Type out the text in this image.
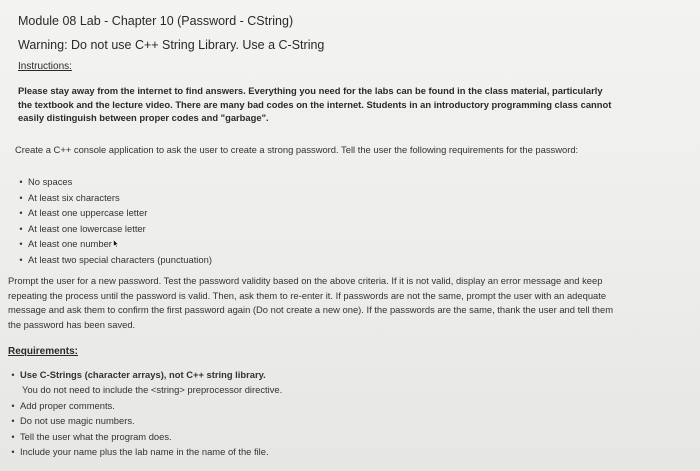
Module 08 Lab - Chapter 10 (Password - CString)
Warning: Do not use C++ String Library. Use a C-String
Instructions:
Please stay away from the internet to find answers. Everything you need for the labs can be found in the class material, particularly the textbook and the lecture video. There are many bad codes on the internet. Students in an introductory programming class cannot easily distinguish between proper codes and "garbage".
Create a C++ console application to ask the user to create a strong password. Tell the user the following requirements for the password:
• No spaces
• At least six characters
• At least one uppercase letter
• At least one lowercase letter
• At least one number
• At least two special characters (punctuation)
Prompt the user for a new password. Test the password validity based on the above criteria. If it is not valid, display an error message and keep repeating the process until the password is valid. Then, ask them to re-enter it. If passwords are not the same, prompt the user with an adequate message and ask them to confirm the first password again (Do not create a new one). If the passwords are the same, thank the user and tell them the password has been saved.
Requirements:
• Use C-Strings (character arrays), not C++ string library.
You do not need to include the <string> preprocessor directive.
• Add proper comments.
• Do not use magic numbers.
• Tell the user what the program does.
• Include your name plus the lab name in the name of the file.
